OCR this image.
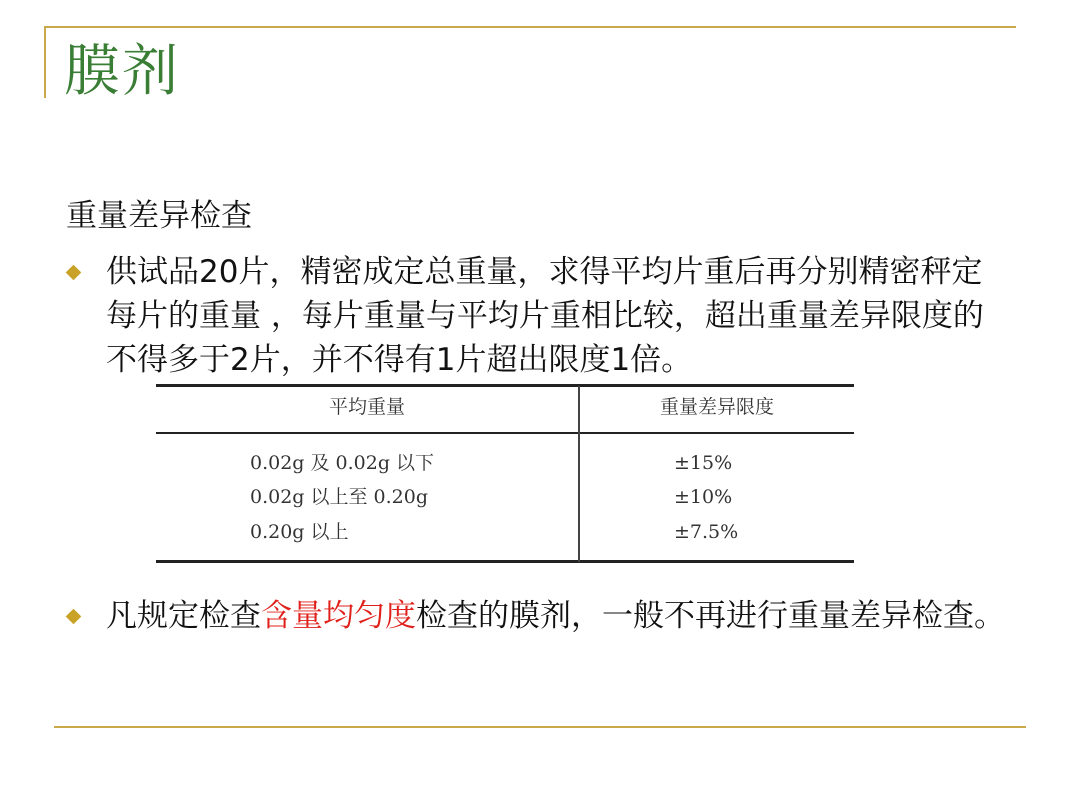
膜剂
重量差异检查
供试品20片，精密成定总重量，求得平均片重后再分别精密秤定每片的重量 ，每片重量与平均片重相比较，超出重量差异限度的不得多于2片，并不得有1片超出限度1倍。
平均重量	重量差异限度
0.02g 及 0.02g 以下	±15%
0.02g 以上至 0.20g	±10%
0.20g 以上	±7.5%
凡规定检查含量均匀度检查的膜剂，一般不再进行重量差异检查。
